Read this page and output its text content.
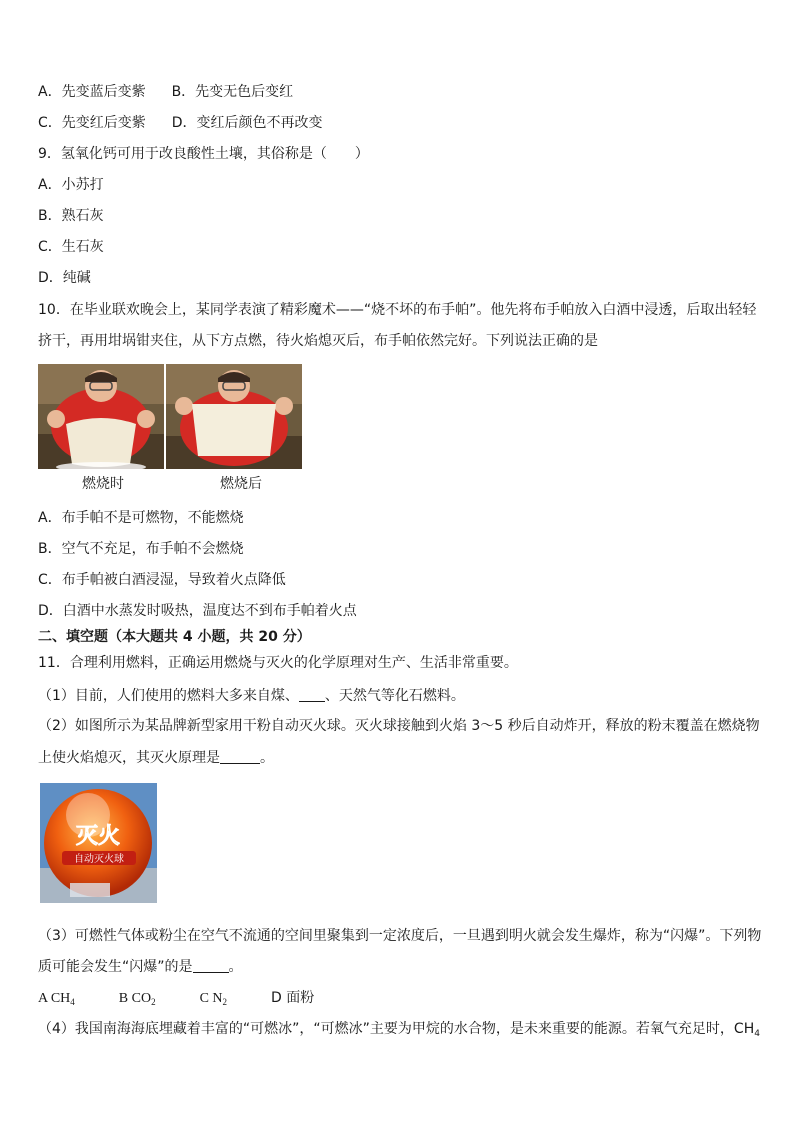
A．先变蓝后变紫 B．先变无色后变红
C．先变红后变紫 D．变红后颜色不再改变
9．氢氧化钙可用于改良酸性土壤，其俗称是（　　）
A．小苏打
B．熟石灰
C．生石灰
D．纯碱
10．在毕业联欢晚会上，某同学表演了精彩魔术——“烧不坏的布手帕”。他先将布手帕放入白酒中浸透，后取出轻轻
挤干，再用坩埚钳夹住，从下方点燃，待火焰熄灭后，布手帕依然完好。下列说法正确的是
燃烧时	燃烧后
A．布手帕不是可燃物，不能燃烧
B．空气不充足，布手帕不会燃烧
C．布手帕被白酒浸湿，导致着火点降低
D．白酒中水蒸发时吸热，温度达不到布手帕着火点
二、填空题（本大题共 4 小题，共 20 分）
11．合理利用燃料，正确运用燃烧与灭火的化学原理对生产、生活非常重要。
（1）目前，人们使用的燃料大多来自煤、 、天然气等化石燃料。
（2）如图所示为某品牌新型家用干粉自动灭火球。灭火球接触到火焰 3～5 秒后自动炸开，释放的粉末覆盖在燃烧物
上使火焰熄灭，其灭火原理是	。
灭火
自动灭火球
（3）可燃性气体或粉尘在空气不流通的空间里聚集到一定浓度后，一旦遇到明火就会发生爆炸，称为“闪爆”。下列物
质可能会发生“闪爆”的是	。
A $CH_4$	B $CO_2$	C $N_2$	D 面粉
（4）我国南海海底埋藏着丰富的“可燃冰”，“可燃冰”主要为甲烷的水合物，是未来重要的能源。若氧气充足时，$CH_4$
